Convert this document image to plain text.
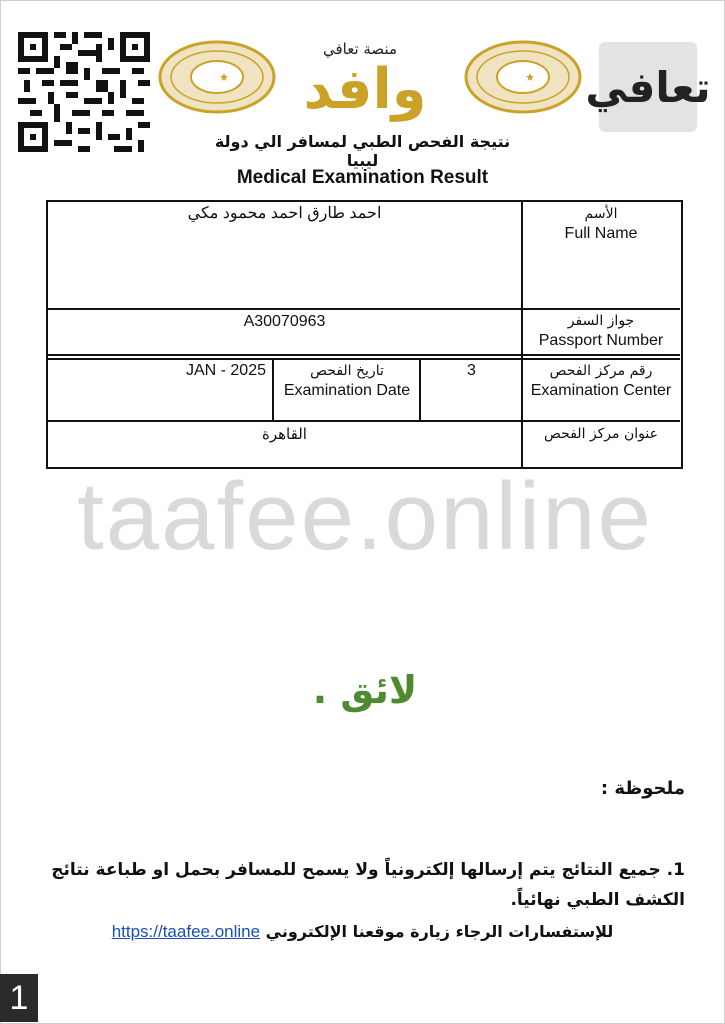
منصة تعافي
وافد	تعافي
نتيجة الفحص الطبي لمسافر الي دولة ليبيا
Medical Examination Result
الأسم
Full Name
احمد طارق احمد محمود مكي
جواز السفر
Passport Number
A30070963
رقم مركز الفحص
Examination Center
3
تاريخ الفحص
Examination Date
JAN - 2025
عنوان مركز الفحص
القاهرة
taafee.online
لائق .
ملحوظة :
1. جميع النتائج يتم إرسالها إلكترونياً ولا يسمح للمسافر بحمل او طباعة نتائج الكشف الطبي نهائياً.
https://taafee.online للإستفسارات الرجاء زيارة موقعنا الإلكتروني
1
